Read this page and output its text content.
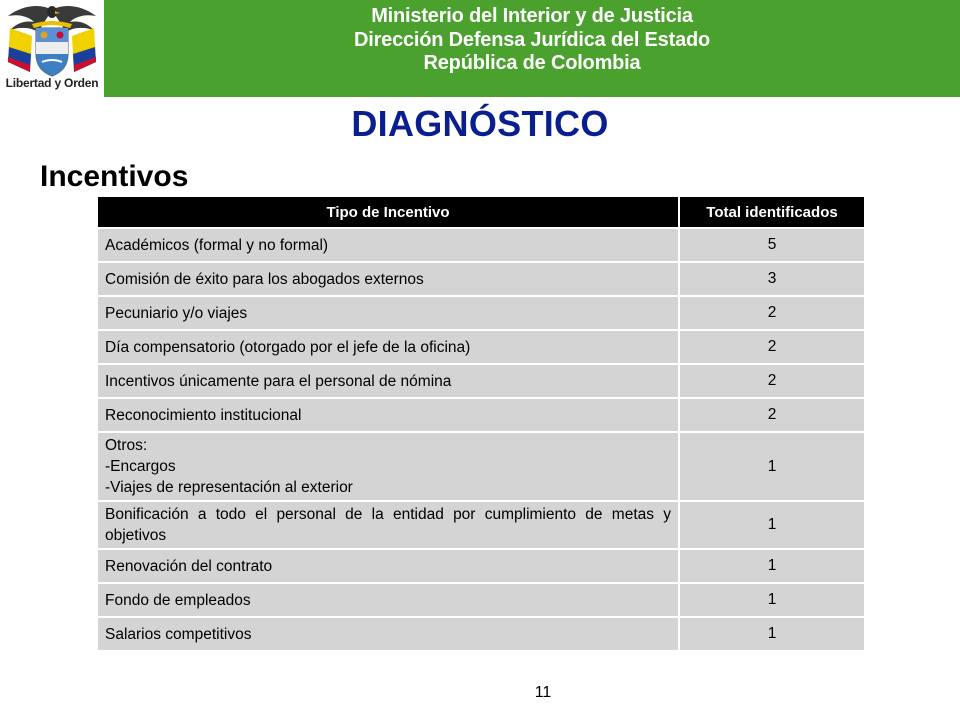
Libertad y Orden
Ministerio del Interior y de Justicia
Dirección Defensa Jurídica del Estado
República de Colombia
DIAGNÓSTICO
Incentivos
Tipo de Incentivo	Total identificados

Académicos (formal y no formal)	5

Comisión de éxito para los abogados externos	3

Pecuniario y/o viajes	2

Día compensatorio (otorgado por el jefe de la oficina)	2

Incentivos únicamente para el personal de nómina	2

Reconocimiento institucional	2

Otros:
-Encargos
-Viajes de representación al exterior	1

Bonificación a todo el personal de la entidad por cumplimiento de metas y objetivos	1

Renovación del contrato	1

Fondo de empleados	1

Salarios competitivos	1
11
